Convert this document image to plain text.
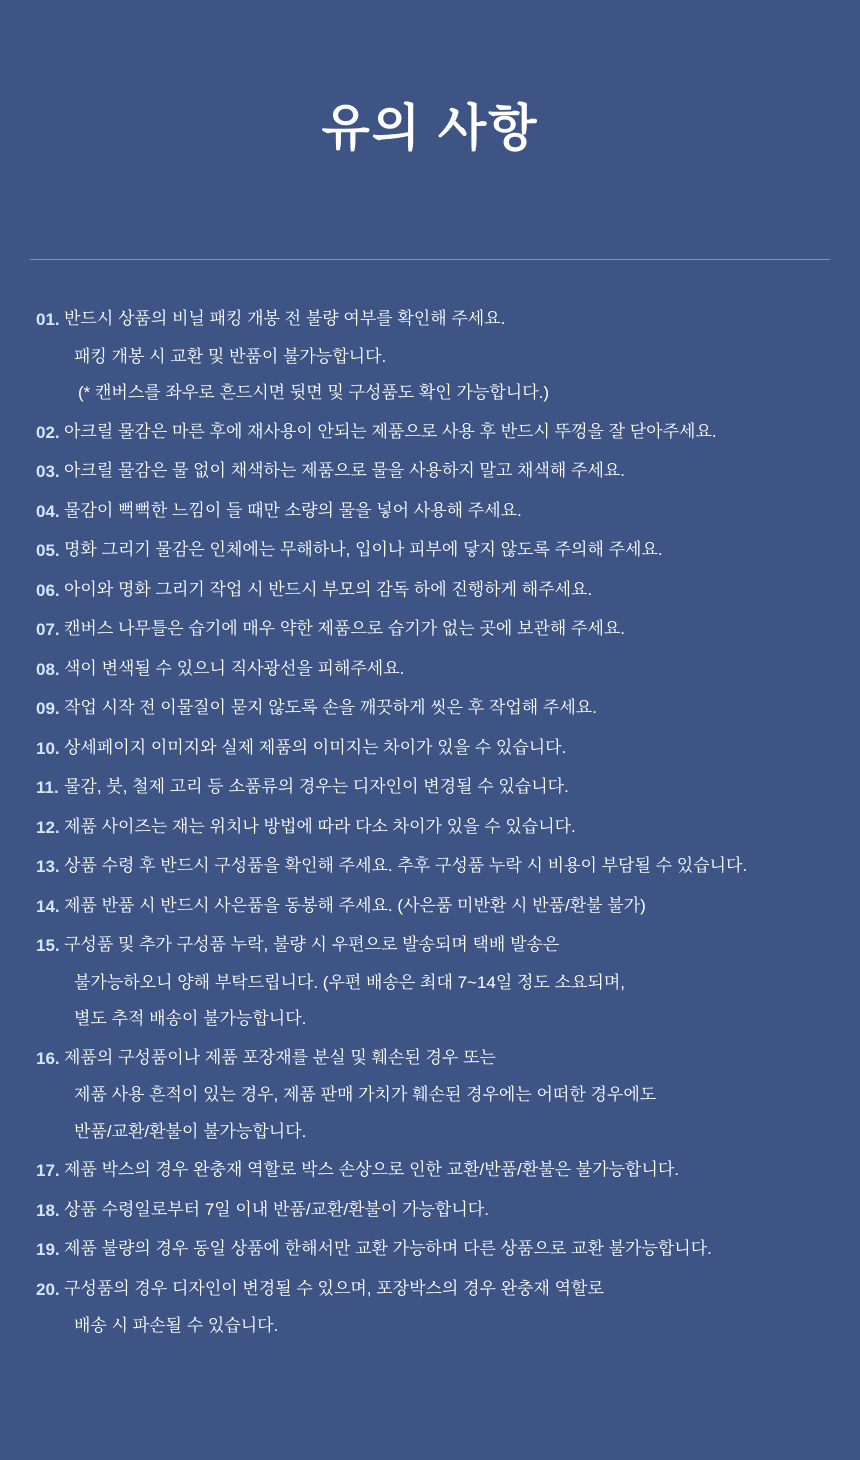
유의 사항
01. 반드시 상품의 비닐 패킹 개봉 전 불량 여부를 확인해 주세요.
패킹 개봉 시 교환 및 반품이 불가능합니다.
(* 캔버스를 좌우로 흔드시면 뒷면 및 구성품도 확인 가능합니다.)
02. 아크릴 물감은 마른 후에 재사용이 안되는 제품으로 사용 후 반드시 뚜껑을 잘 닫아주세요.
03. 아크릴 물감은 물 없이 채색하는 제품으로 물을 사용하지 말고 채색해 주세요.
04. 물감이 뻑뻑한 느낌이 들 때만 소량의 물을 넣어 사용해 주세요.
05. 명화 그리기 물감은 인체에는 무해하나, 입이나 피부에 닿지 않도록 주의해 주세요.
06. 아이와 명화 그리기 작업 시 반드시 부모의 감독 하에 진행하게 해주세요.
07. 캔버스 나무틀은 습기에 매우 약한 제품으로 습기가 없는 곳에 보관해 주세요.
08. 색이 변색될 수 있으니 직사광선을 피해주세요.
09. 작업 시작 전 이물질이 묻지 않도록 손을 깨끗하게 씻은 후 작업해 주세요.
10. 상세페이지 이미지와 실제 제품의 이미지는 차이가 있을 수 있습니다.
11. 물감, 붓, 철제 고리 등 소품류의 경우는 디자인이 변경될 수 있습니다.
12. 제품 사이즈는 재는 위치나 방법에 따라 다소 차이가 있을 수 있습니다.
13. 상품 수령 후 반드시 구성품을 확인해 주세요. 추후 구성품 누락 시 비용이 부담될 수 있습니다.
14. 제품 반품 시 반드시 사은품을 동봉해 주세요. (사은품 미반환 시 반품/환불 불가)
15. 구성품 및 추가 구성품 누락, 불량 시 우편으로 발송되며 택배 발송은
불가능하오니 양해 부탁드립니다. (우편 배송은 최대 7~14일 정도 소요되며,
별도 추적 배송이 불가능합니다.
16. 제품의 구성품이나 제품 포장재를 분실 및 훼손된 경우 또는
제품 사용 흔적이 있는 경우, 제품 판매 가치가 훼손된 경우에는 어떠한 경우에도
반품/교환/환불이 불가능합니다.
17. 제품 박스의 경우 완충재 역할로 박스 손상으로 인한 교환/반품/환불은 불가능합니다.
18. 상품 수령일로부터 7일 이내 반품/교환/환불이 가능합니다.
19. 제품 불량의 경우 동일 상품에 한해서만 교환 가능하며 다른 상품으로 교환 불가능합니다.
20. 구성품의 경우 디자인이 변경될 수 있으며, 포장박스의 경우 완충재 역할로
배송 시 파손될 수 있습니다.
